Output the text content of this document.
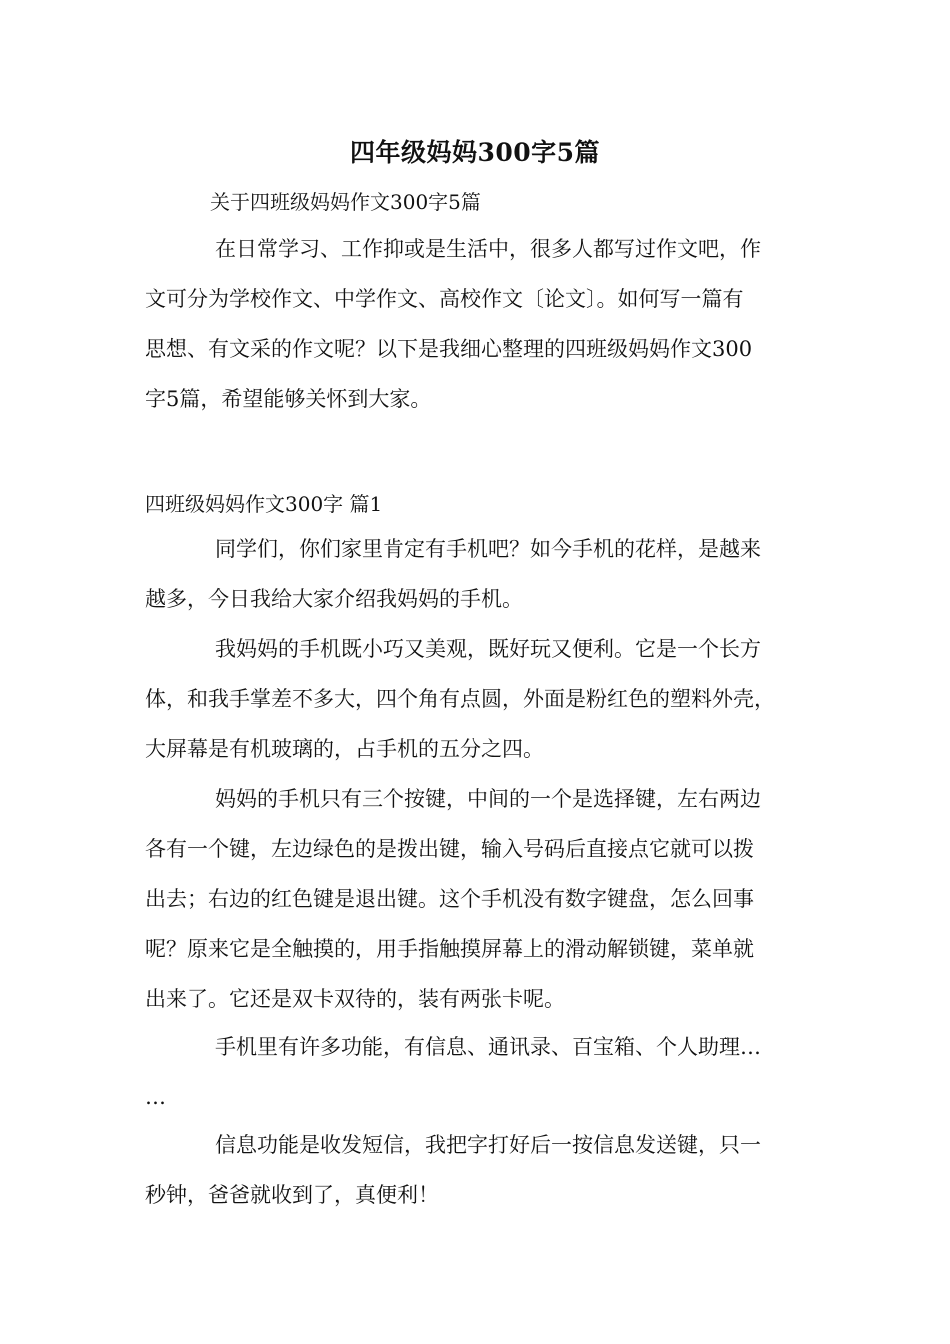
四年级妈妈300字5篇
关于四班级妈妈作文300字5篇

在日常学习、工作抑或是生活中，很多人都写过作文吧，作
文可分为学校作文、中学作文、高校作文〔论文〕。如何写一篇有
思想、有文采的作文呢？以下是我细心整理的四班级妈妈作文300
字5篇，希望能够关怀到大家。

四班级妈妈作文300字 篇1

同学们，你们家里肯定有手机吧？如今手机的花样，是越来
越多，今日我给大家介绍我妈妈的手机。

我妈妈的手机既小巧又美观，既好玩又便利。它是一个长方
体，和我手掌差不多大，四个角有点圆，外面是粉红色的塑料外壳，
大屏幕是有机玻璃的，占手机的五分之四。

妈妈的手机只有三个按键，中间的一个是选择键，左右两边
各有一个键，左边绿色的是拨出键，输入号码后直接点它就可以拨
出去；右边的红色键是退出键。这个手机没有数字键盘，怎么回事
呢？原来它是全触摸的，用手指触摸屏幕上的滑动解锁键，菜单就
出来了。它还是双卡双待的，装有两张卡呢。

手机里有许多功能，有信息、通讯录、百宝箱、个人助理…
…

信息功能是收发短信，我把字打好后一按信息发送键，只一
秒钟，爸爸就收到了，真便利！
